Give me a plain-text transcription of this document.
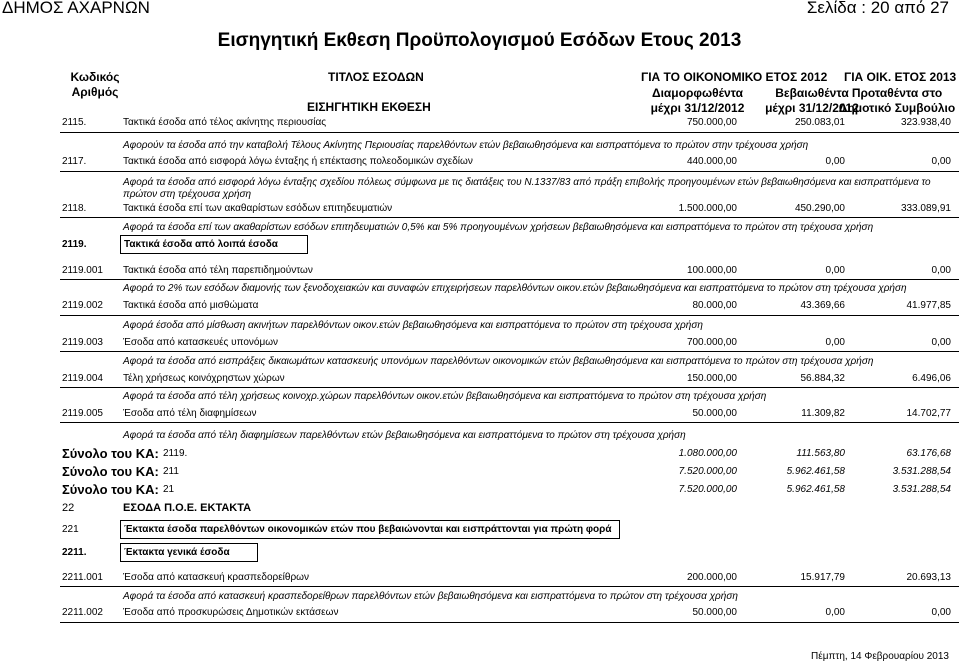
ΔΗΜΟΣ ΑΧΑΡΝΩΝ	Σελίδα : 20 από 27
Εισηγητική Εκθεση Προϋπολογισμού Εσόδων Ετους 2013
Κωδικός
Αριθμός
ΤΙΤΛΟΣ ΕΣΟΔΩΝ
ΕΙΣΗΓΗΤΙΚΗ ΕΚΘΕΣΗ
ΓΙΑ ΤΟ ΟΙΚΟΝΟΜΙΚΟ ΕΤΟΣ 2012 ΓΙΑ ΟΙΚ. ΕΤΟΣ 2013
Διαμορφωθέντα
μέχρι 31/12/2012
Βεβαιωθέντα
μέχρι 31/12/2012
Προταθέντα στο
Δημοτικό Συμβούλιο
2115.	Τακτικά έσοδα από τέλος ακίνητης περιουσίας	750.000,00	250.083,01	323.938,40
Αφορούν τα έσοδα από την καταβολή Τέλους Ακίνητης Περιουσίας παρελθόντων ετών βεβαιωθησόμενα και εισπραττόμενα το πρώτον στην τρέχουσα χρήση
2117.	Τακτικά έσοδα από εισφορά λόγω ένταξης ή επέκτασης πολεοδομικών σχεδίων	440.000,00	0,00	0,00
Αφορά τα έσοδα από εισφορά λόγω ένταξης σχεδίου πόλεως σύμφωνα με τις διατάξεις του Ν.1337/83 από πράξη επιβολής προηγουμένων ετών βεβαιωθησόμενα και εισπραττόμενα το
πρώτον στη τρέχουσα χρήση
2118.	Τακτικά έσοδα επί των ακαθαρίστων εσόδων επιτηδευματιών	1.500.000,00	450.290,00	333.089,91
Αφορά τα έσοδα επί των ακαθαρίστων εσόδων επιτηδευματιών 0,5% και 5% προηγουμένων χρήσεων βεβαιωθησόμενα και εισπραττόμενα το πρώτον στη τρέχουσα χρήση
2119.	Τακτικά έσοδα από λοιπά έσοδα
2119.001 Τακτικά έσοδα από τέλη παρεπιδημούντων	100.000,00	0,00	0,00
Αφορά το 2% των εσόδων διαμονής των ξενοδοχειακών και συναφών επιχειρήσεων παρελθόντων οικον.ετών βεβαιωθησόμενα και εισπραττόμενα το πρώτον στη τρέχουσα χρήση
2119.002 Τακτικά έσοδα από μισθώματα	80.000,00	43.369,66	41.977,85
Αφορά έσοδα από μίσθωση ακινήτων παρελθόντων οικον.ετών βεβαιωθησόμενα και εισπραττόμενα το πρώτον στη τρέχουσα χρήση
2119.003 Έσοδα από κατασκευές υπονόμων	700.000,00	0,00	0,00
Αφορά τα έσοδα από εισπράξεις δικαιωμάτων κατασκευής υπονόμων παρελθόντων οικονομικών ετών βεβαιωθησόμενα και εισπραττόμενα το πρώτον στη τρέχουσα χρήση
2119.004 Τέλη χρήσεως κοινόχρηστων χώρων	150.000,00	56.884,32	6.496,06
Αφορά τα έσοδα από τέλη χρήσεως κοινοχρ.χώρων παρελθόντων οικον.ετών βεβαιωθησόμενα και εισπραττόμενα το πρώτον στη τρέχουσα χρήση
2119.005 Έσοδα από τέλη διαφημίσεων	50.000,00	11.309,82	14.702,77
Αφορά τα έσοδα από τέλη διαφημίσεων παρελθόντων ετών βεβαιωθησόμενα και εισπραττόμενα το πρώτον στη τρέχουσα χρήση
Σύνολο του ΚΑ: 2119.	1.080.000,00	111.563,80	63.176,68
Σύνολο του ΚΑ: 211	7.520.000,00	5.962.461,58	3.531.288,54
Σύνολο του ΚΑ: 21	7.520.000,00	5.962.461,58	3.531.288,54
22	ΕΣΟΔΑ Π.Ο.Ε. ΕΚΤΑΚΤΑ
221	Έκτακτα έσοδα παρελθόντων οικονομικών ετών που βεβαιώνονται και εισπράττονται για πρώτη φορά
2211.	Έκτακτα γενικά έσοδα
2211.001 Έσοδα από κατασκευή κρασπεδορείθρων	200.000,00	15.917,79	20.693,13
Αφορά τα έσοδα από κατασκευή κρασπεδορείθρων παρελθόντων ετών βεβαιωθησόμενα και εισπραττόμενα το πρώτον στη τρέχουσα χρήση
2211.002 Έσοδα από προσκυρώσεις Δημοτικών εκτάσεων	50.000,00	0,00	0,00
Πέμπτη, 14 Φεβρουαρίου 2013
